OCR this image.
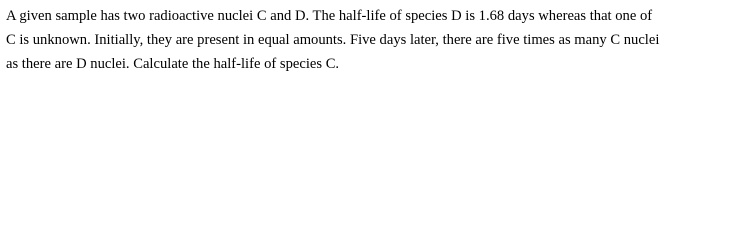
A given sample has two radioactive nuclei C and D. The half-life of species D is 1.68 days whereas that one of
C is unknown. Initially, they are present in equal amounts. Five days later, there are five times as many C nuclei
as there are D nuclei. Calculate the half-life of species C.
